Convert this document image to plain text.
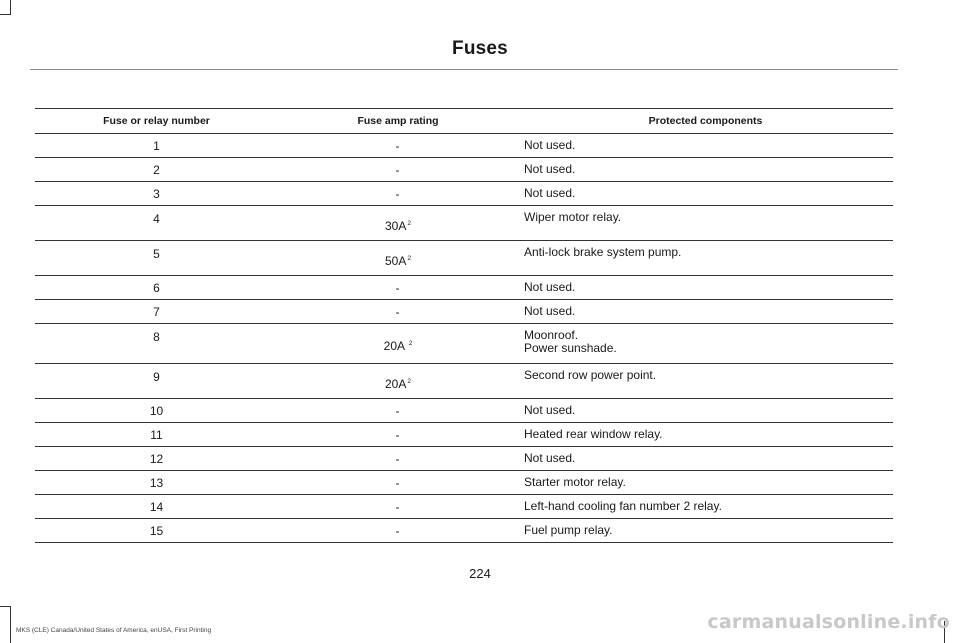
Fuses
Fuse or relay number	Fuse amp rating	Protected components
1	-	Not used.

2	-	Not used.

3	-	Not used.

4	$30A^2$	Wiper motor relay.

5	$50A^2$	Anti-lock brake system pump.

6	-	Not used.

7	-	Not used.

8	20A $^2$	Moonroof.
Power sunshade.

9	$20A^2$	Second row power point.

10	-	Not used.

11	-	Heated rear window relay.

12	-	Not used.

13	-	Starter motor relay.

14	-	Left-hand cooling fan number 2 relay.

15	-	Fuel pump relay.
224
MKS (CLE) Canada/United States of America, enUSA, First Printing	carmanualsonline.info
